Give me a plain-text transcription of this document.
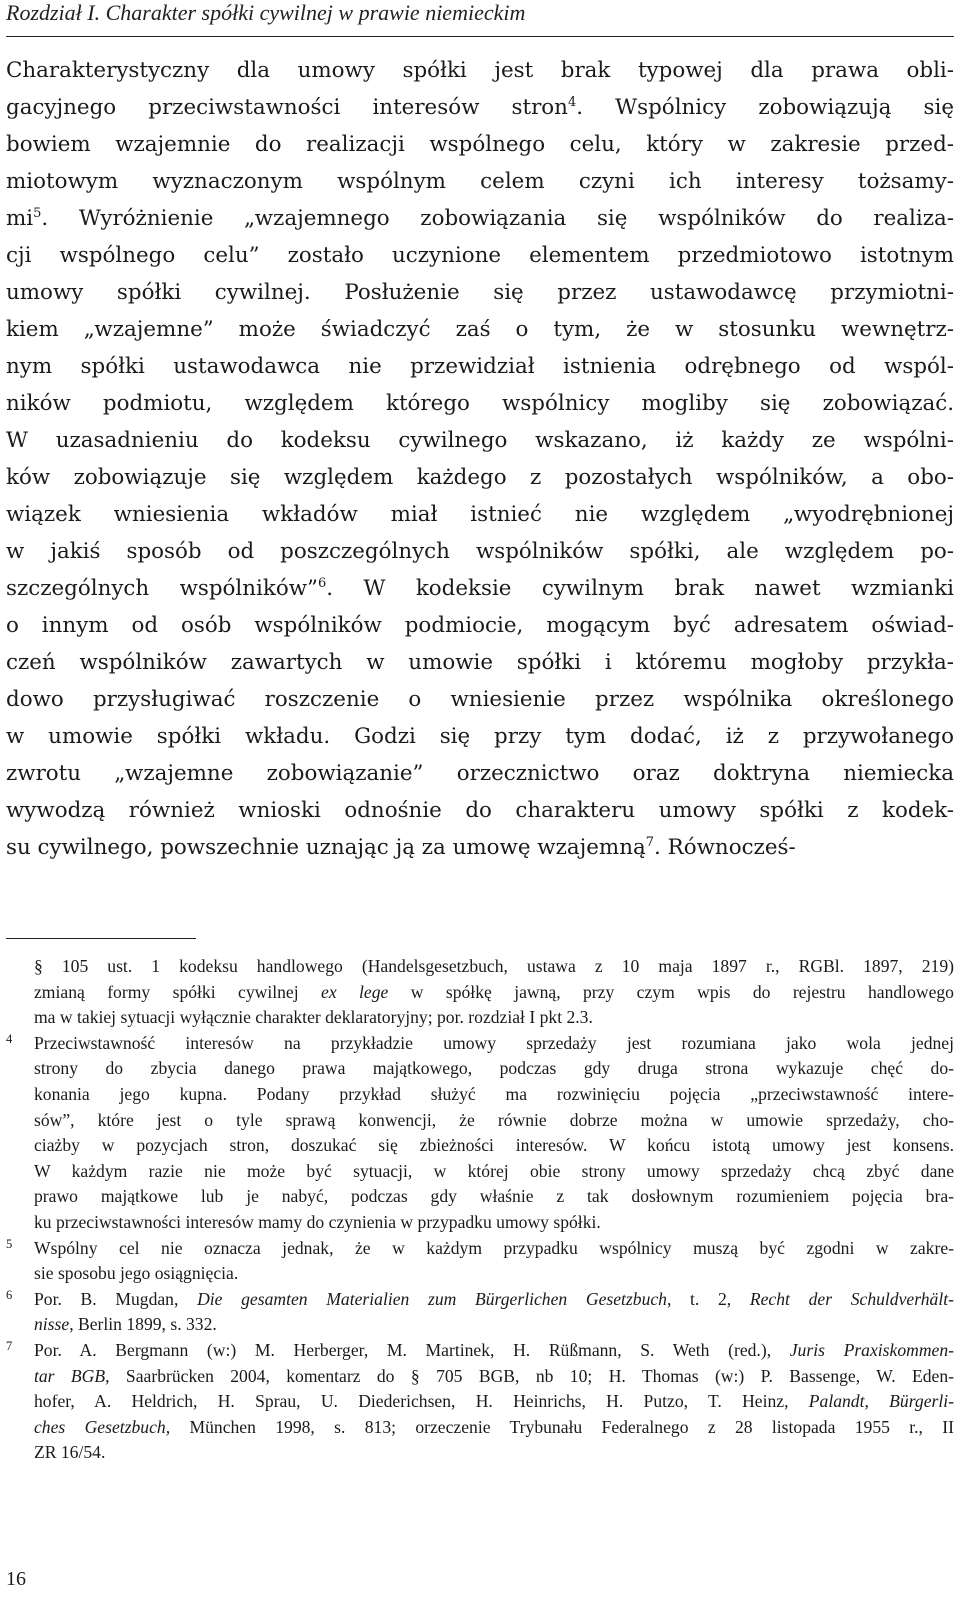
Rozdział I. Charakter spółki cywilnej w prawie niemieckim
Charakterystyczny dla umowy spółki jest brak typowej dla prawa obli-
gacyjnego przeciwstawności interesów stron$^4$. Wspólnicy zobowiązują się
bowiem wzajemnie do realizacji wspólnego celu, który w zakresie przed-
miotowym wyznaczonym wspólnym celem czyni ich interesy tożsamy-
$mi^5$. Wyróżnienie „wzajemnego zobowiązania się wspólników do realiza-
cji wspólnego celu” zostało uczynione elementem przedmiotowo istotnym
umowy spółki cywilnej. Posłużenie się przez ustawodawcę przymiotni-
kiem „wzajemne” może świadczyć zaś o tym, że w stosunku wewnętrz-
nym spółki ustawodawca nie przewidział istnienia odrębnego od wspól-
ników podmiotu, względem którego wspólnicy mogliby się zobowiązać.
W uzasadnieniu do kodeksu cywilnego wskazano, iż każdy ze wspólni-
ków zobowiązuje się względem każdego z pozostałych wspólników, a obo-
wiązek wniesienia wkładów miał istnieć nie względem „wyodrębnionej
w jakiś sposób od poszczególnych wspólników spółki, ale względem po-
szczególnych wspólników”$^6$. W kodeksie cywilnym brak nawet wzmianki
o innym od osób wspólników podmiocie, mogącym być adresatem oświad-
czeń wspólników zawartych w umowie spółki i któremu mogłoby przykła-
dowo przysługiwać roszczenie o wniesienie przez wspólnika określonego
w umowie spółki wkładu. Godzi się przy tym dodać, iż z przywołanego
zwrotu „wzajemne zobowiązanie” orzecznictwo oraz doktryna niemiecka
wywodzą również wnioski odnośnie do charakteru umowy spółki z kodek-
su cywilnego, powszechnie uznając ją za umowę wzajemną$^7$. Równocześ-
§ 105 ust. 1 kodeksu handlowego (Handelsgesetzbuch, ustawa z 10 maja 1897 r., RGBl. 1897, 219)
zmianą formy spółki cywilnej ex lege w spółkę jawną, przy czym wpis do rejestru handlowego
ma w takiej sytuacji wyłącznie charakter deklaratoryjny; por. rozdział I pkt 2.3.
4 Przeciwstawność interesów na przykładzie umowy sprzedaży jest rozumiana jako wola jednej
strony do zbycia danego prawa majątkowego, podczas gdy druga strona wykazuje chęć do-
konania jego kupna. Podany przykład służyć ma rozwinięciu pojęcia „przeciwstawność intere-
sów”, które jest o tyle sprawą konwencji, że równie dobrze można w umowie sprzedaży, cho-
ciażby w pozycjach stron, doszukać się zbieżności interesów. W końcu istotą umowy jest konsens.
W każdym razie nie może być sytuacji, w której obie strony umowy sprzedaży chcą zbyć dane
prawo majątkowe lub je nabyć, podczas gdy właśnie z tak dosłownym rozumieniem pojęcia bra-
ku przeciwstawności interesów mamy do czynienia w przypadku umowy spółki.
5 Wspólny cel nie oznacza jednak, że w każdym przypadku wspólnicy muszą być zgodni w zakre-
sie sposobu jego osiągnięcia.
6 Por. B. Mugdan, Die gesamten Materialien zum Bürgerlichen Gesetzbuch, t. 2, Recht der Schuldverhält-
nisse, Berlin 1899, s. 332.
7 Por. A. Bergmann (w:) M. Herberger, M. Martinek, H. Rüßmann, S. Weth (red.), Juris Praxiskommen-
tar BGB, Saarbrücken 2004, komentarz do § 705 BGB, nb 10; H. Thomas (w:) P. Bassenge, W. Eden-
hofer, A. Heldrich, H. Sprau, U. Diederichsen, H. Heinrichs, H. Putzo, T. Heinz, Palandt, Bürgerli-
ches Gesetzbuch, München 1998, s. 813; orzeczenie Trybunału Federalnego z 28 listopada 1955 r., II
ZR 16/54.
16
